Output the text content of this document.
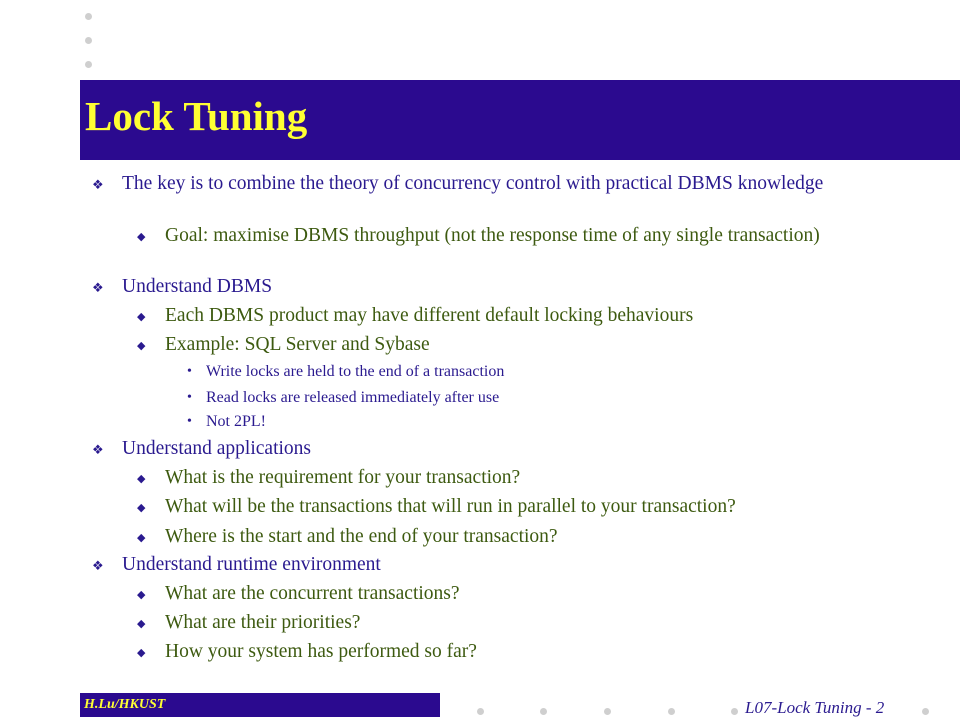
Lock Tuning
❖ The key is to combine the theory of concurrency control with practical DBMS knowledge
◆ Goal: maximise DBMS throughput (not the response time of any single transaction)
❖ Understand DBMS
◆ Each DBMS product may have different default locking behaviours
◆ Example: SQL Server and Sybase
• Write locks are held to the end of a transaction
• Read locks are released immediately after use
• Not 2PL!
❖ Understand applications
◆ What is the requirement for your transaction?
◆ What will be the transactions that will run in parallel to your transaction?
◆ Where is the start and the end of your transaction?
❖ Understand runtime environment
◆ What are the concurrent transactions?
◆ What are their priorities?
◆ How your system has performed so far?
H.Lu/HKUST	L07-Lock Tuning - 2
